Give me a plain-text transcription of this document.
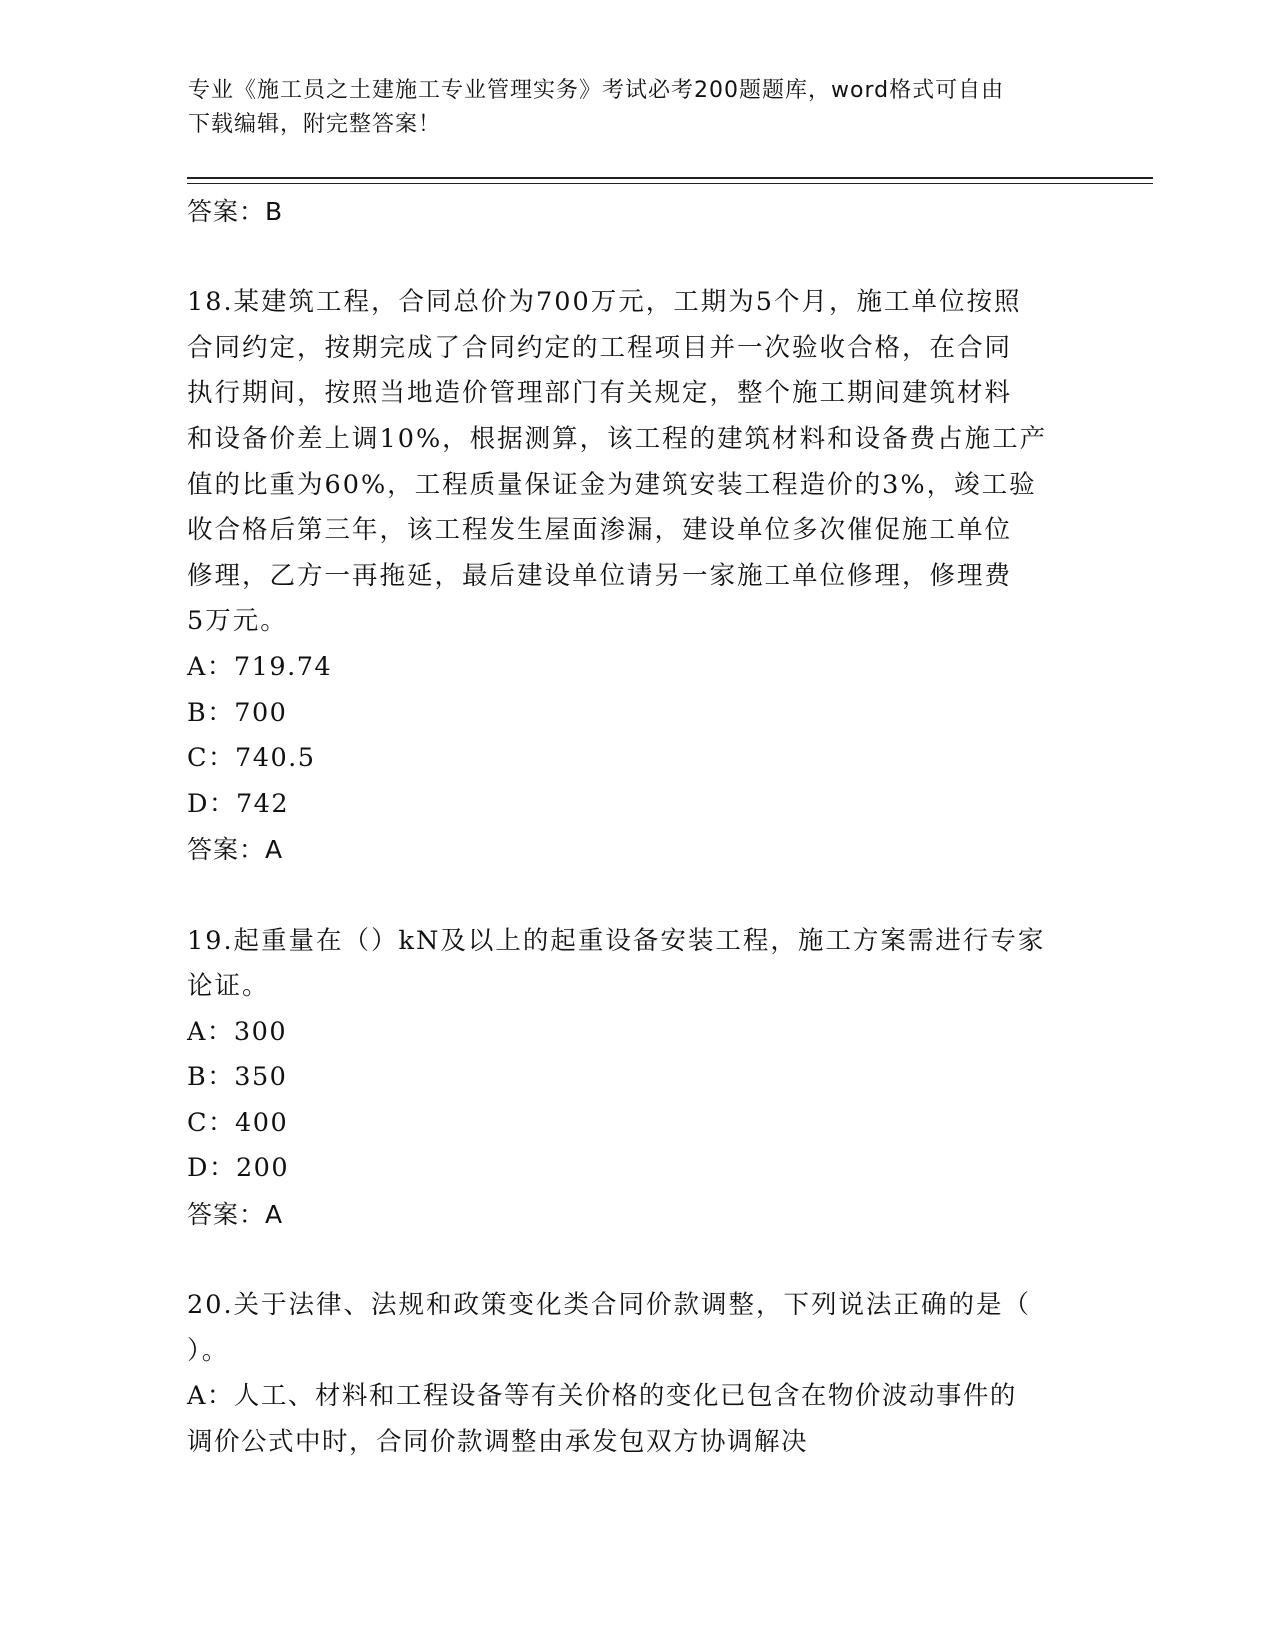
专业《施工员之土建施工专业管理实务》考试必考200题题库，word格式可自由
下载编辑，附完整答案！
答案：B
18.某建筑工程，合同总价为700万元，工期为5个月，施工单位按照
合同约定，按期完成了合同约定的工程项目并一次验收合格，在合同
执行期间，按照当地造价管理部门有关规定，整个施工期间建筑材料
和设备价差上调10%，根据测算，该工程的建筑材料和设备费占施工产
值的比重为60%，工程质量保证金为建筑安装工程造价的3%，竣工验
收合格后第三年，该工程发生屋面渗漏，建设单位多次催促施工单位
修理，乙方一再拖延，最后建设单位请另一家施工单位修理，修理费
5万元。
A：719.74
B：700
C：740.5
D：742
答案：A
19.起重量在（）kN及以上的起重设备安装工程，施工方案需进行专家
论证。
A：300
B：350
C：400
D：200
答案：A
20.关于法律、法规和政策变化类合同价款调整，下列说法正确的是（
）。
A：人工、材料和工程设备等有关价格的变化已包含在物价波动事件的
调价公式中时，合同价款调整由承发包双方协调解决
